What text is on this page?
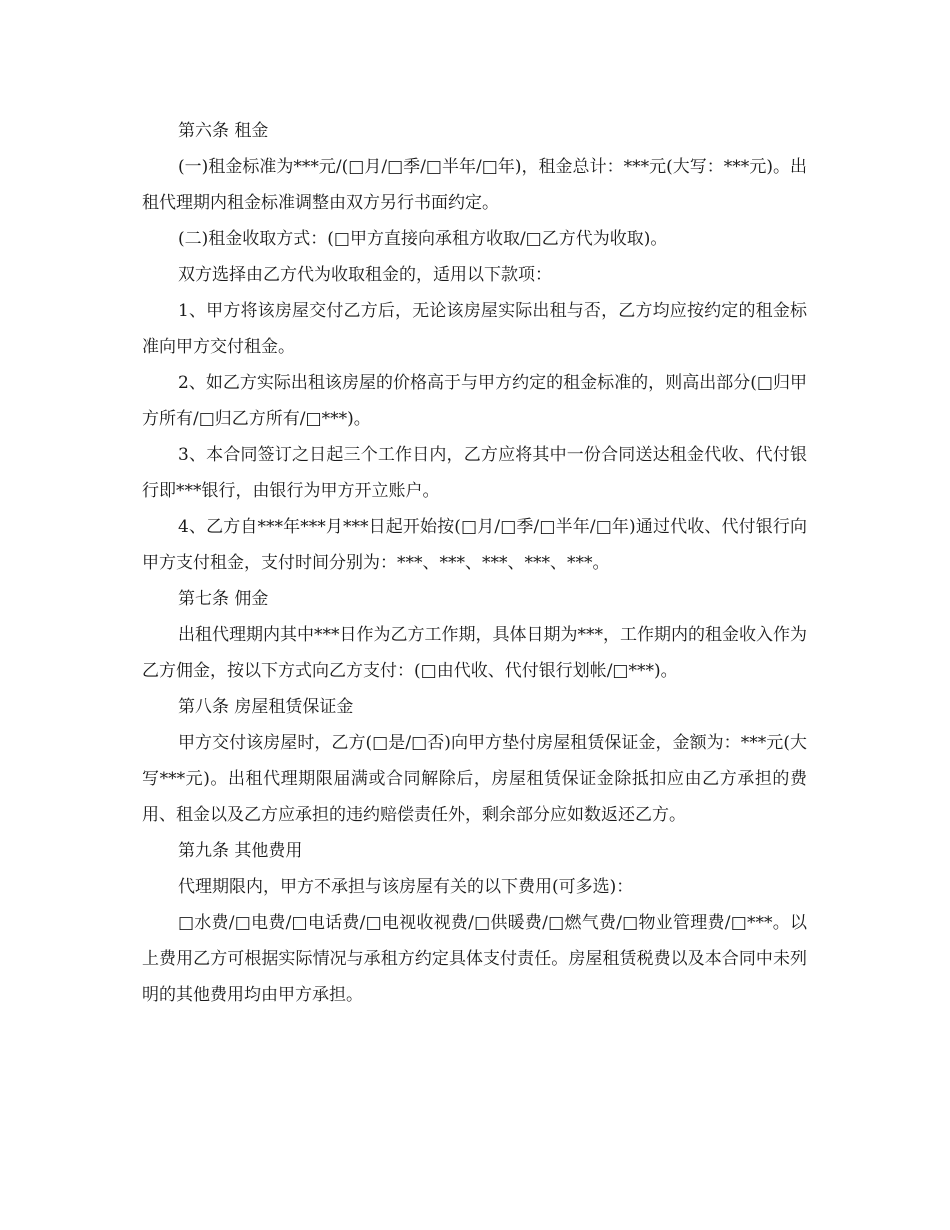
第六条 租金

(一)租金标准为***元/(□月/□季/□半年/□年)，租金总计：***元(大写：***元)。出租代理期内租金标准调整由双方另行书面约定。

(二)租金收取方式：(□甲方直接向承租方收取/□乙方代为收取)。

双方选择由乙方代为收取租金的，适用以下款项：

1、甲方将该房屋交付乙方后，无论该房屋实际出租与否，乙方均应按约定的租金标准向甲方交付租金。

2、如乙方实际出租该房屋的价格高于与甲方约定的租金标准的，则高出部分(□归甲方所有/□归乙方所有/□***)。

3、本合同签订之日起三个工作日内，乙方应将其中一份合同送达租金代收、代付银行即***银行，由银行为甲方开立账户。

4、乙方自***年***月***日起开始按(□月/□季/□半年/□年)通过代收、代付银行向甲方支付租金，支付时间分别为：***、***、***、***、***。

第七条 佣金

出租代理期内其中***日作为乙方工作期，具体日期为***，工作期内的租金收入作为乙方佣金，按以下方式向乙方支付：(□由代收、代付银行划帐/□***)。

第八条 房屋租赁保证金

甲方交付该房屋时，乙方(□是/□否)向甲方垫付房屋租赁保证金，金额为：***元(大写***元)。出租代理期限届满或合同解除后，房屋租赁保证金除抵扣应由乙方承担的费用、租金以及乙方应承担的违约赔偿责任外，剩余部分应如数返还乙方。

第九条 其他费用

代理期限内，甲方不承担与该房屋有关的以下费用(可多选)：

□水费/□电费/□电话费/□电视收视费/□供暖费/□燃气费/□物业管理费/□***。以上费用乙方可根据实际情况与承租方约定具体支付责任。房屋租赁税费以及本合同中未列明的其他费用均由甲方承担。
